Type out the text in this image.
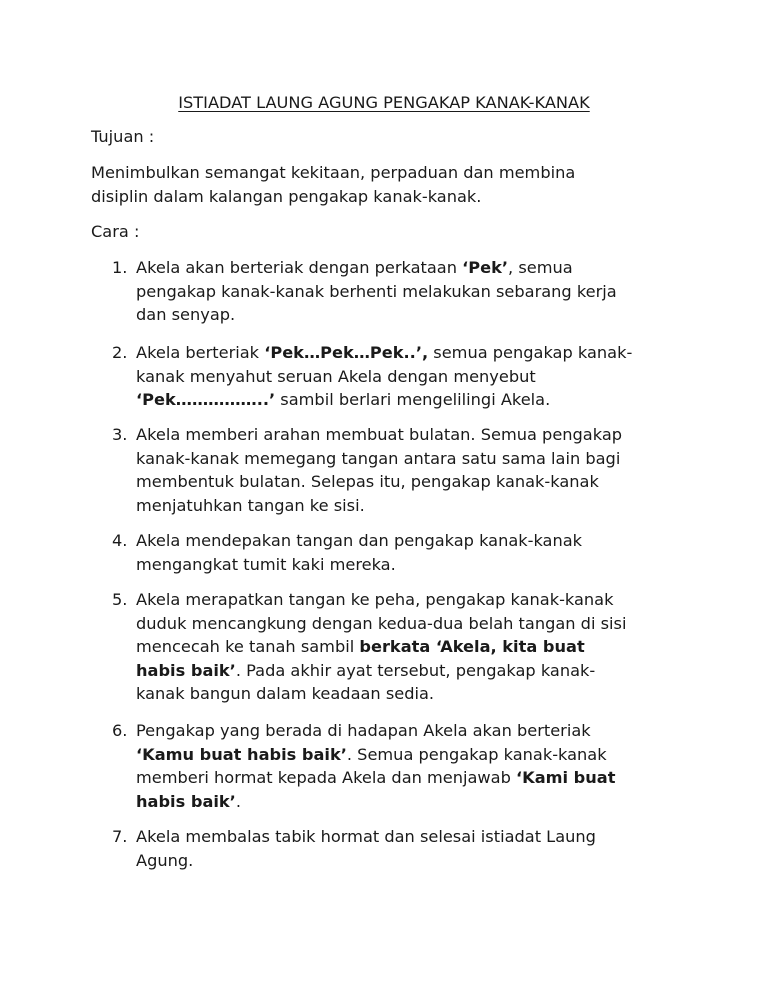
ISTIADAT LAUNG AGUNG PENGAKAP KANAK-KANAK

Tujuan :

Menimbulkan semangat kekitaan, perpaduan dan membina

disiplin dalam kalangan pengakap kanak-kanak.

Cara :

1. Akela akan berteriak dengan perkataan ‘Pek’, semua
pengakap kanak-kanak berhenti melakukan sebarang kerja
dan senyap.
2. Akela berteriak ‘Pek…Pek…Pek..’, semua pengakap kanak-
kanak menyahut seruan Akela dengan menyebut
‘Pek……………..’ sambil berlari mengelilingi Akela.
3. Akela memberi arahan membuat bulatan. Semua pengakap
kanak-kanak memegang tangan antara satu sama lain bagi
membentuk bulatan. Selepas itu, pengakap kanak-kanak
menjatuhkan tangan ke sisi.
4. Akela mendepakan tangan dan pengakap kanak-kanak
mengangkat tumit kaki mereka.
5. Akela merapatkan tangan ke peha, pengakap kanak-kanak
duduk mencangkung dengan kedua-dua belah tangan di sisi
mencecah ke tanah sambil berkata ‘Akela, kita buat
habis baik’. Pada akhir ayat tersebut, pengakap kanak-
kanak bangun dalam keadaan sedia.
6. Pengakap yang berada di hadapan Akela akan berteriak
‘Kamu buat habis baik’. Semua pengakap kanak-kanak
memberi hormat kepada Akela dan menjawab ‘Kami buat
habis baik’.
7. Akela membalas tabik hormat dan selesai istiadat Laung
Agung.
